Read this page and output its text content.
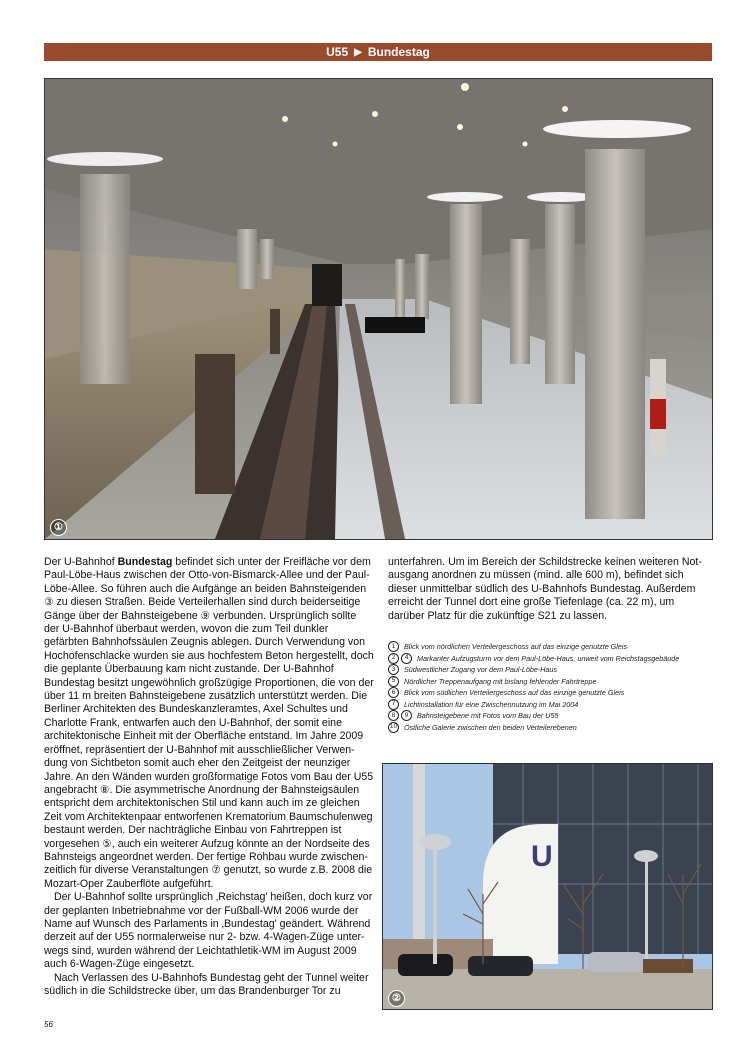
U55 ▶ Bundestag
①

Der U-Bahnhof Bundestag befindet sich unter der Freifläche vor dem Paul-Löbe-Haus zwischen der Otto-von-Bismarck-Allee und der Paul-Löbe-Allee. So führen auch die Aufgänge an beiden Bahnsteigenden ③ zu diesen Straßen. Beide Verteilerhallen sind durch beiderseitige Gänge über der Bahnsteigebene ⑨ verbunden. Ursprünglich sollte der U-Bahnhof überbaut werden, wovon die zum Teil dunkler gefärbten Bahnhofssäulen Zeugnis ablegen. Durch Verwendung von Hochofenschlacke wurden sie aus hochfestem Beton hergestellt, doch die geplante Überbauung kam nicht zustande. Der U-Bahnhof Bundestag besitzt ungewöhnlich großzügige Proportionen, die von der über 11 m breiten Bahnsteigebene zusätzlich unterstützt werden. Die Berliner Architekten des Bundeskanzleramtes, Axel Schultes und Charlotte Frank, entwarfen auch den U-Bahnhof, der somit eine architektonische Einheit mit der Oberfläche entstand. Im Jahre 2009 eröffnet, repräsentiert der U-Bahnhof mit ausschließlicher Verwendung von Sichtbeton somit auch eher den Zeitgeist der neunziger Jahre. An den Wänden wurden großformatige Fotos vom Bau der U55 angebracht ⑧. Die asymmetrische Anordnung der Bahnsteigsäulen entspricht dem architektonischen Stil und kann auch im ze gleichen Zeit vom Architektenpaar entworfenen Krematorium Baumschulenweg bestaunt werden. Der nachträgliche Einbau von Fahrtreppen ist vorgesehen ⑤, auch ein weiterer Aufzug könnte an der Nordseite des Bahnsteigs angeordnet werden. Der fertige Rohbau wurde zwischenzeitlich für diverse Veranstaltungen ⑦ genutzt, so wurde z.B. 2008 die Mozart-Oper Zauberflöte aufgeführt.

Der U-Bahnhof sollte ursprünglich ‚Reichstag' heißen, doch kurz vor der geplanten Inbetriebnahme vor der Fußball-WM 2006 wurde der Name auf Wunsch des Parlaments in ‚Bundestag' geändert. Während derzeit auf der U55 normalerweise nur 2- bzw. 4-Wagen-Züge unterwegs sind, wurden während der Leichtathletik-WM im August 2009 auch 6-Wagen-Züge eingesetzt.

Nach Verlassen des U-Bahnhofs Bundestag geht der Tunnel weiter südlich in die Schildstrecke über, um das Brandenburger Tor zu

unterfahren. Um im Bereich der Schildstrecke keinen weiteren Notausgang anordnen zu müssen (mind. alle 600 m), befindet sich dieser unmittelbar südlich des U-Bahnhofs Bundestag. Außerdem erreicht der Tunnel dort eine große Tiefenlage (ca. 22 m), um darüber Platz für die zukünftige S21 zu lassen.

1	Blick vom nördlichen Verteilergeschoss auf das einzige genutzte Gleis
2	4	Markanter Aufzugsturm vor dem Paul-Löbe-Haus, unweit vom Reichstagsgebäude
3	Südwestlicher Zugang vor dem Paul-Löbe-Haus
5	Nördlicher Treppenaufgang mit bislang fehlender Fahrtreppe
6	Blick vom südlichen Verteilergeschoss auf das einzige genutzte Gleis
7	Lichtinstallation für eine Zwischennutzung im Mai 2004
8	9	Bahnsteigebene mit Fotos vom Bau der U55
10 Östliche Galerie zwischen den beiden Verteilerebenen
U
②
56
